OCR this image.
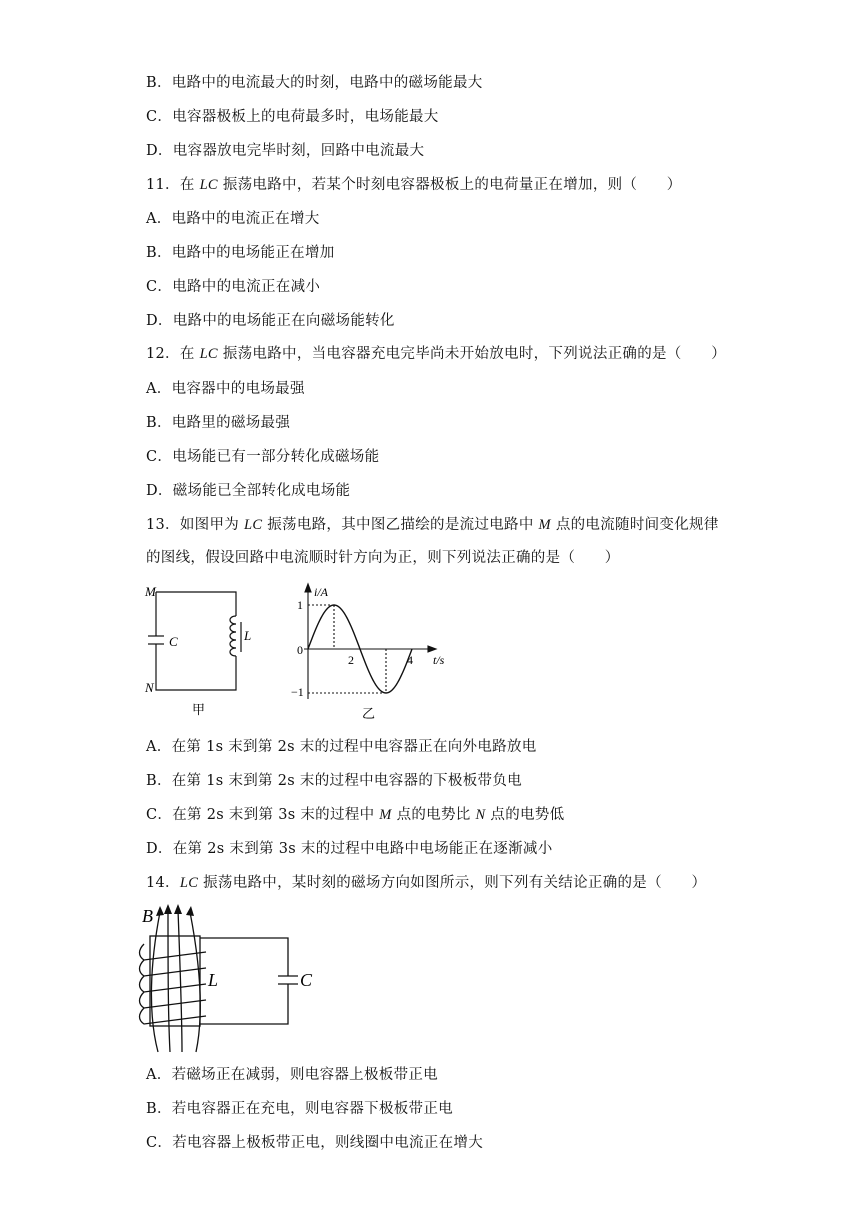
B．电路中的电流最大的时刻，电路中的磁场能最大
C．电容器极板上的电荷最多时，电场能最大
D．电容器放电完毕时刻，回路中电流最大
11．在 LC 振荡电路中，若某个时刻电容器极板上的电荷量正在增加，则（　　）
A．电路中的电流正在增大
B．电路中的电场能正在增加
C．电路中的电流正在减小
D．电路中的电场能正在向磁场能转化
12．在 LC 振荡电路中，当电容器充电完毕尚未开始放电时，下列说法正确的是（　　）
A．电容器中的电场最强
B．电路里的磁场最强
C．电场能已有一部分转化成磁场能
D．磁场能已全部转化成电场能
13．如图甲为 LC 振荡电路，其中图乙描绘的是流过电路中 M 点的电流随时间变化规律
的图线，假设回路中电流顺时针方向为正，则下列说法正确的是（　　）
M
N
C	L
甲
i/A
t/s
1
0
−1
2	4
乙
A．在第 1s 末到第 2s 末的过程中电容器正在向外电路放电
B．在第 1s 末到第 2s 末的过程中电容器的下极板带负电
C．在第 2s 末到第 3s 末的过程中 M 点的电势比 N 点的电势低
D．在第 2s 末到第 3s 末的过程中电路中电场能正在逐渐减小
14．LC 振荡电路中，某时刻的磁场方向如图所示，则下列有关结论正确的是（　　）
B
L	C
A．若磁场正在减弱，则电容器上极板带正电
B．若电容器正在充电，则电容器下极板带正电
C．若电容器上极板带正电，则线圈中电流正在增大
